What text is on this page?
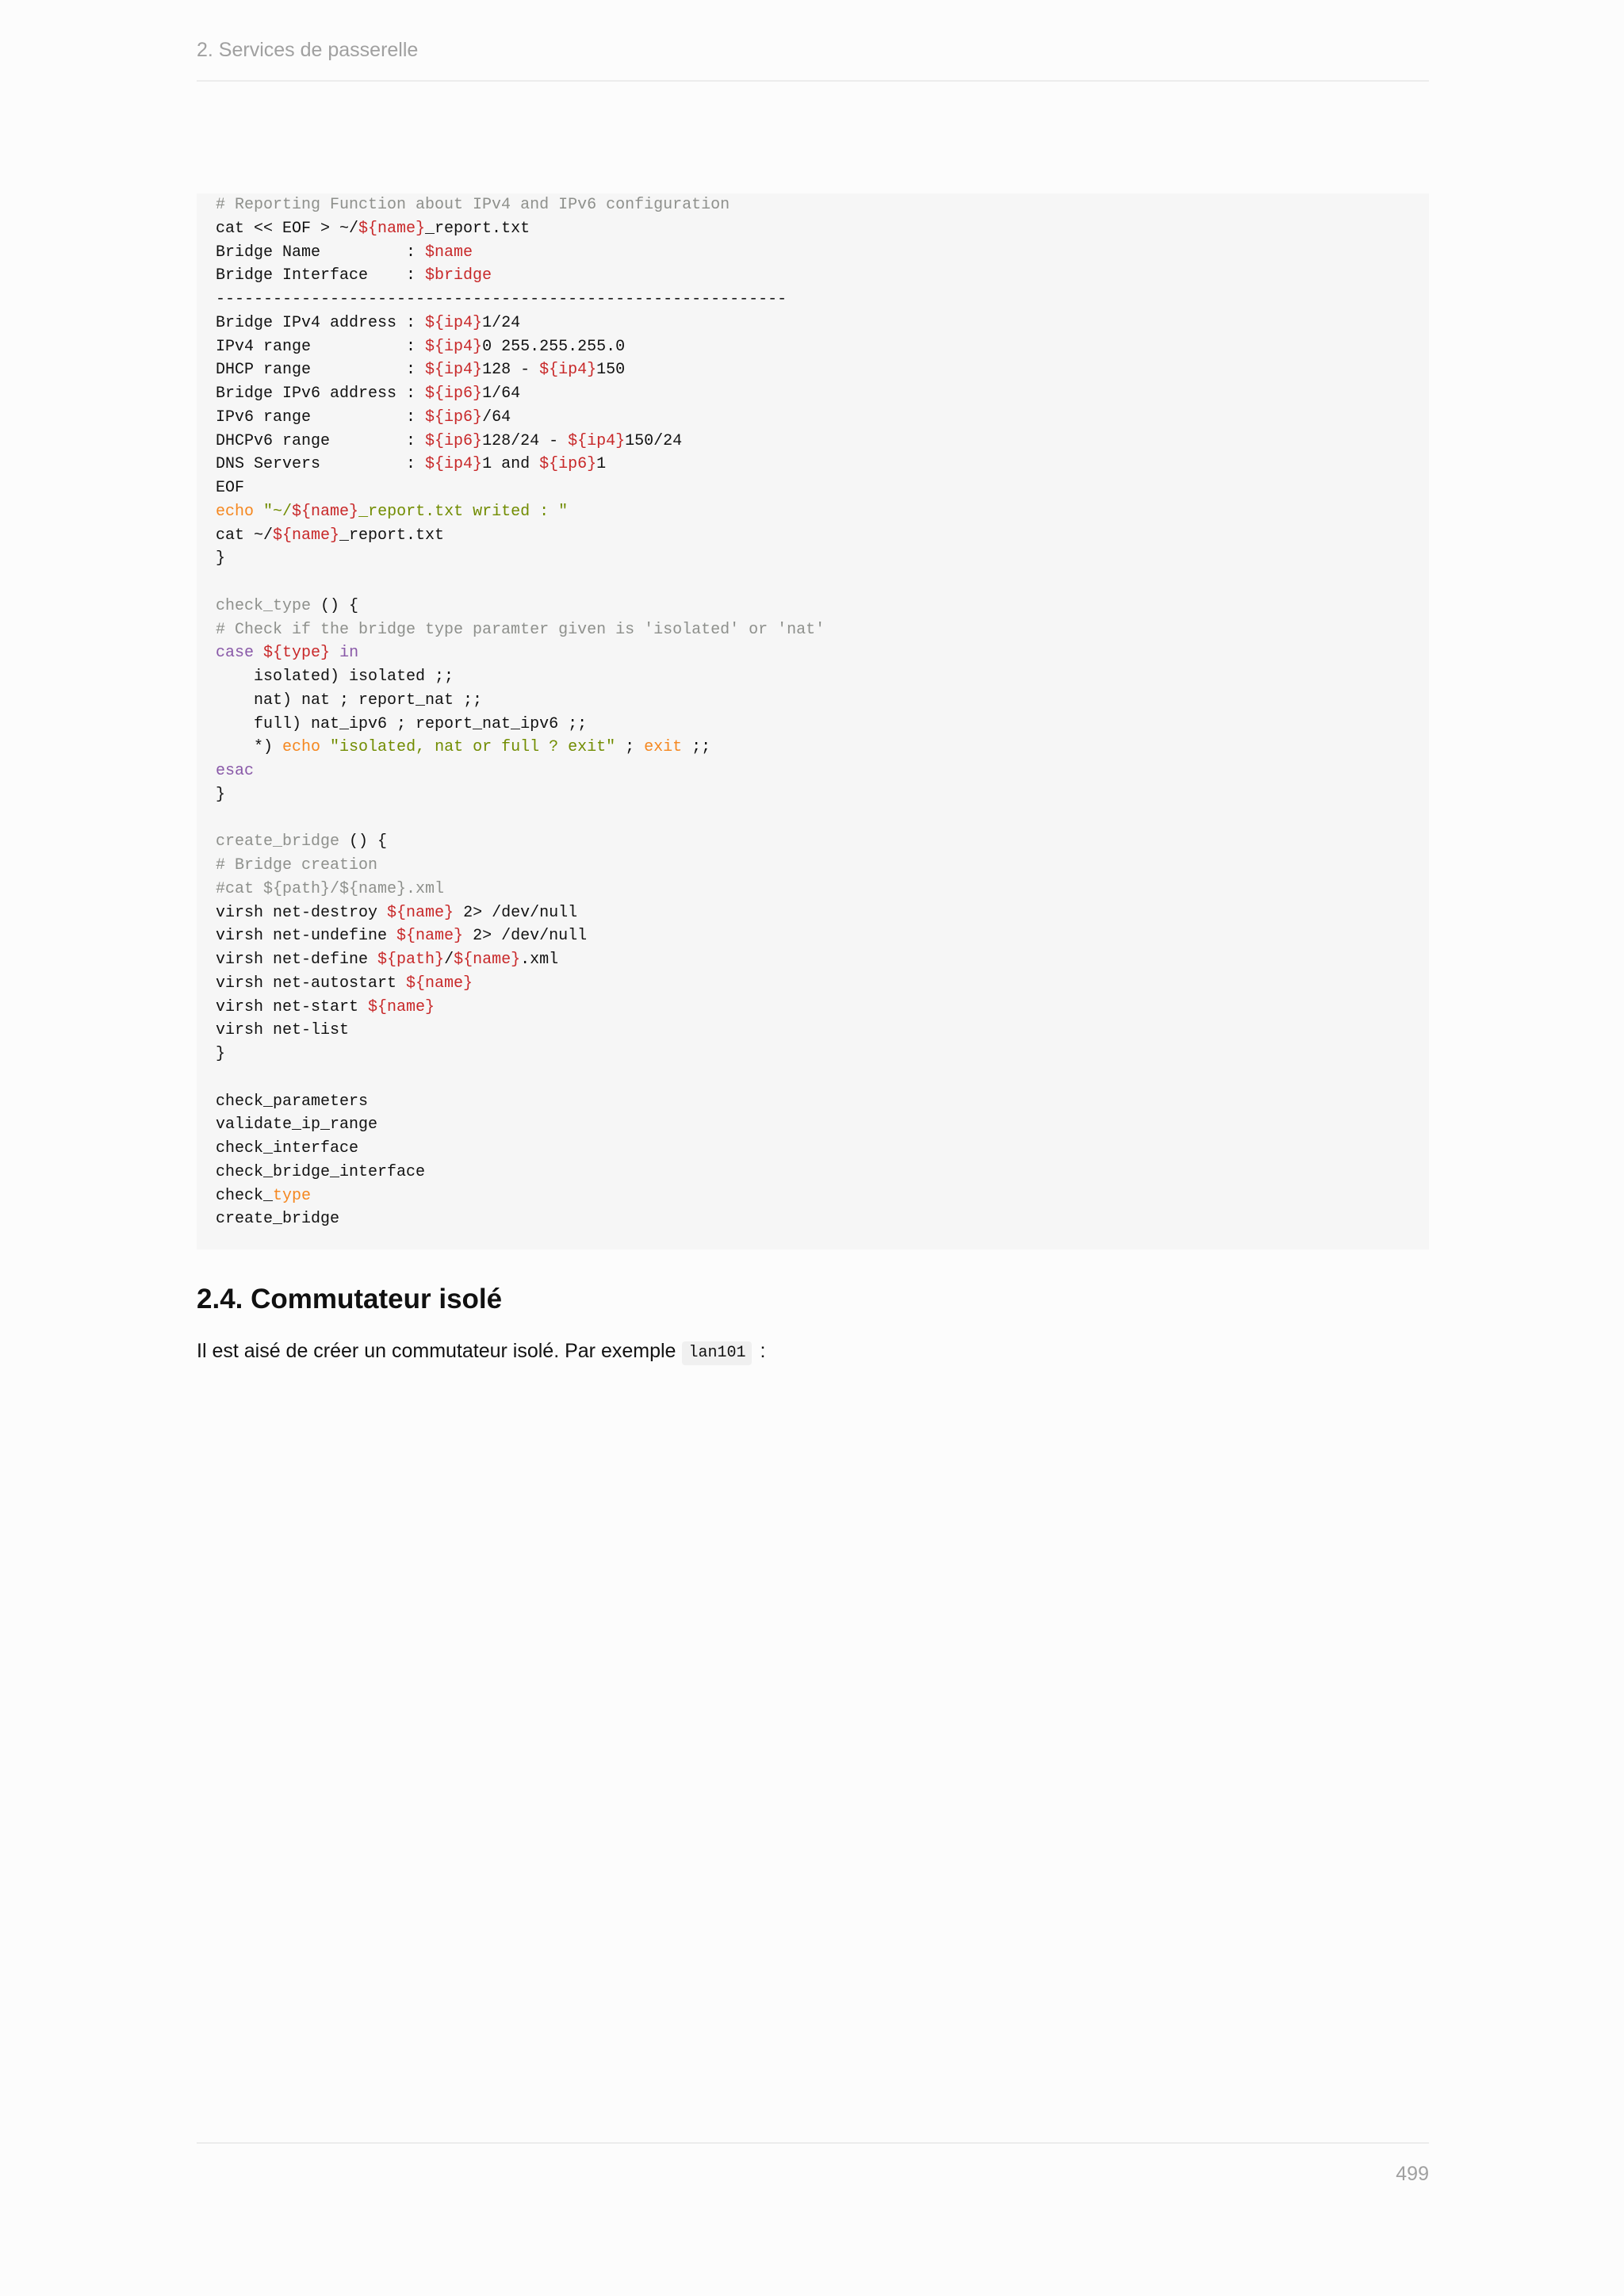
2. Services de passerelle
# Reporting Function about IPv4 and IPv6 configuration
cat << EOF > ~/${name}_report.txt
Bridge Name         : $name
Bridge Interface    : $bridge
------------------------------------------------------------
Bridge IPv4 address : ${ip4}1/24
IPv4 range          : ${ip4}0 255.255.255.0
DHCP range          : ${ip4}128 - ${ip4}150
Bridge IPv6 address : ${ip6}1/64
IPv6 range          : ${ip6}/64
DHCPv6 range        : ${ip6}128/24 - ${ip4}150/24
DNS Servers         : ${ip4}1 and ${ip6}1
EOF
echo "~/${name}_report.txt writed : "
cat ~/${name}_report.txt
}
check_type () {
# Check if the bridge type paramter given is 'isolated' or 'nat'
case ${type} in
isolated) isolated ;;
nat) nat ; report_nat ;;
full) nat_ipv6 ; report_nat_ipv6 ;;
*) echo "isolated, nat or full ? exit" ; exit ;;
esac
}
create_bridge () {
# Bridge creation
#cat ${path}/${name}.xml
virsh net-destroy ${name} 2> /dev/null
virsh net-undefine ${name} 2> /dev/null
virsh net-define ${path}/${name}.xml
virsh net-autostart ${name}
virsh net-start ${name}
virsh net-list
}
check_parameters
validate_ip_range
check_interface
check_bridge_interface
check_type
create_bridge
2.4. Commutateur isolé

Il est aisé de créer un commutateur isolé. Par exemple lan101 :

499
